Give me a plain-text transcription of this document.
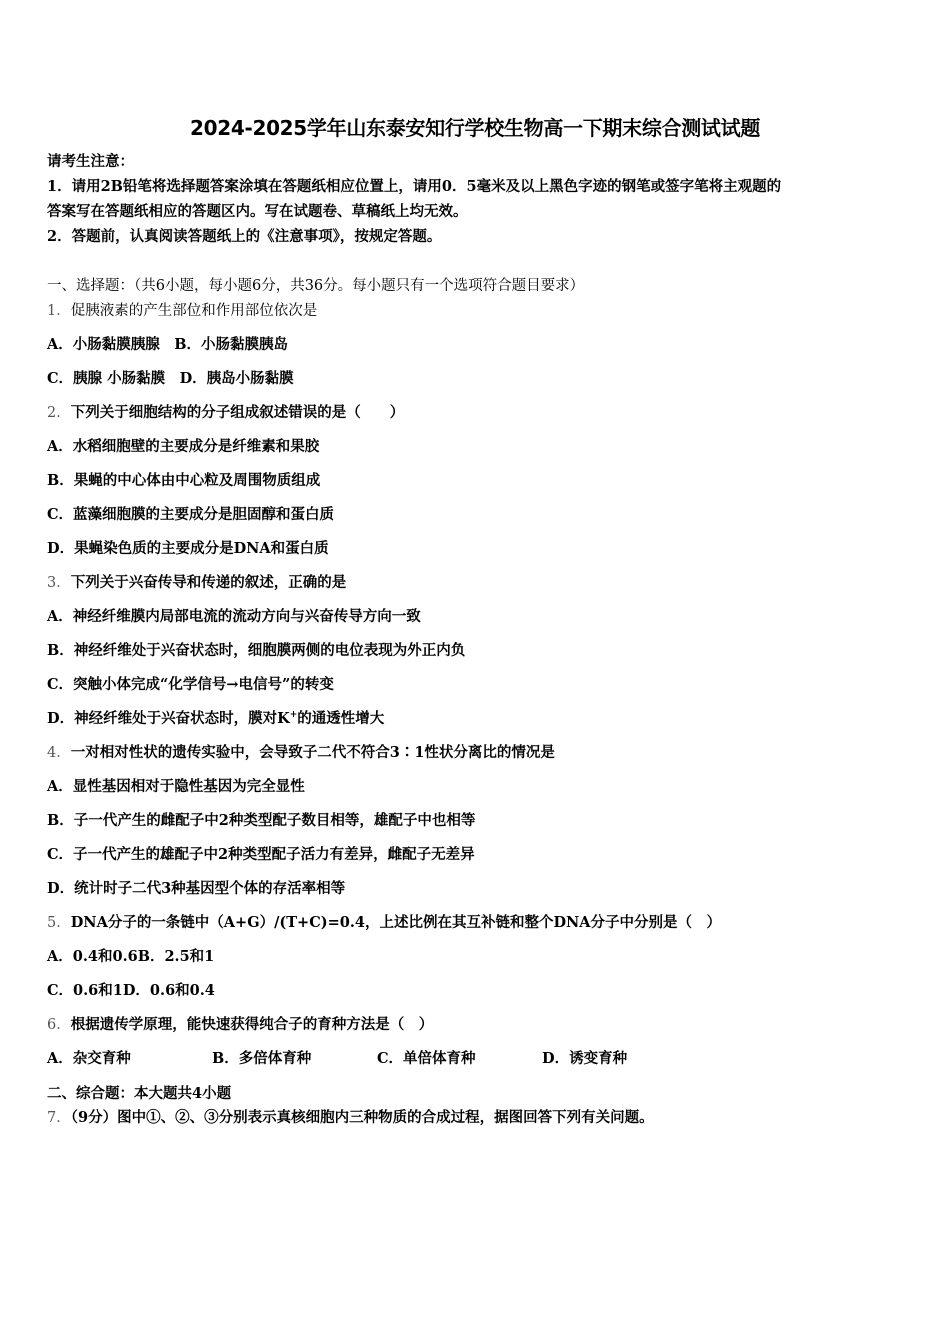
2024-2025学年山东泰安知行学校生物高一下期末综合测试试题
请考生注意：
1．请用2B铅笔将选择题答案涂填在答题纸相应位置上，请用0．5毫米及以上黑色字迹的钢笔或签字笔将主观题的
答案写在答题纸相应的答题区内。写在试题卷、草稿纸上均无效。
2．答题前，认真阅读答题纸上的《注意事项》，按规定答题。
一、选择题：（共6小题，每小题6分，共36分。每小题只有一个选项符合题目要求）
1．促胰液素的产生部位和作用部位依次是
A．小肠黏膜胰腺　B．小肠黏膜胰岛
C．胰腺 小肠黏膜　D．胰岛小肠黏膜
2．下列关于细胞结构的分子组成叙述错误的是（　　）
A．水稻细胞壁的主要成分是纤维素和果胶
B．果蝇的中心体由中心粒及周围物质组成
C．蓝藻细胞膜的主要成分是胆固醇和蛋白质
D．果蝇染色质的主要成分是DNA和蛋白质
3．下列关于兴奋传导和传递的叙述，正确的是
A．神经纤维膜内局部电流的流动方向与兴奋传导方向一致
B．神经纤维处于兴奋状态时，细胞膜两侧的电位表现为外正内负
C．突触小体完成“化学信号→电信号”的转变
D．神经纤维处于兴奋状态时，膜对K+的通透性增大
4．一对相对性状的遗传实验中，会导致子二代不符合3∶1性状分离比的情况是
A．显性基因相对于隐性基因为完全显性
B．子一代产生的雌配子中2种类型配子数目相等，雄配子中也相等
C．子一代产生的雄配子中2种类型配子活力有差异，雌配子无差异
D．统计时子二代3种基因型个体的存活率相等
5．DNA分子的一条链中（A+G）/(T+C)=0.4，上述比例在其互补链和整个DNA分子中分别是（　）
A．0.4和0.6B．2.5和1
C．0.6和1D．0.6和0.4
6．根据遗传学原理，能快速获得纯合子的育种方法是（　）
A．杂交育种	B．多倍体育种	C．单倍体育种	D．诱变育种
二、综合题：本大题共4小题
7．（9分）图中①、②、③分别表示真核细胞内三种物质的合成过程，据图回答下列有关问题。
